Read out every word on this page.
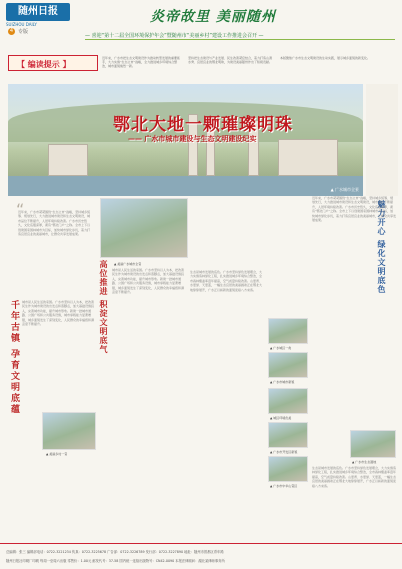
随州日报
SUIZHOU DAILY
4 专版
炎帝故里 美丽随州
— 喜迎“第十二届全国环境保护年会”暨随州市“美丽乡村”建设工作推进会召开 —
【 编读提示 】
近年来，广水市把生态文明建设作为推动转型发展的重要抓手，大力实施“生态立市”战略，全力推进城乡环境综合整治，城市面貌焕然一新。
坚持把生态建设与产业发展、民生改善紧密结合，着力打造山清水秀、宜居宜业的鄂北明珠，为建设美丽随州作出了积极贡献。
本版聚焦广水市生态文明建设的生动实践，展示城乡面貌的新变化。
鄂北大地一颗璀璨明珠
—— 广水市城市建设与生态文明建设纪实
▲ 广水城市全景
魅力开心 绿化文明底色
“
近年来，广水市紧紧围绕“生态立市”战略，坚持城乡统筹、规划先行，大力推进城市建设和生态文明建设，城市品位不断提升，人居环境持续改善。广水市历史悠久，文化底蕴深厚，素有“鄂北门户”之称。全市上下以创建国家园林城市为目标，加快城市绿化步伐，着力打造宜居宜业的美丽城市，让群众共享发展成果。
千年古镇 孕育文明底蕴	城市是人民生活的家园。广水市坚持以人为本，把改善民生作为城市建设的出发点和落脚点，加大基础设施投入，完善城市功能，提升城市形象。新建一批城市道路、公园广场和公共服务设施，城市承载能力显著增强，城乡面貌发生了深刻变化，人民群众的幸福感和满意度不断提升。
▲ 美丽广水城市全景
高位推进 积淀文明底气	城市是人民生活的家园。广水市坚持以人为本，把改善民生作为城市建设的出发点和落脚点，加大基础设施投入，完善城市功能，提升城市形象。新建一批城市道路、公园广场和公共服务设施，城市承载能力显著增强，城乡面貌发生了深刻变化，人民群众的幸福感和满意度不断提升。
▲ 美丽乡村一景
生态是城市发展的底色。广水市坚持绿色发展理念，大力实施造林绿化工程，扎实推进城乡环境综合整治，全市森林覆盖率逐年提高，空气质量持续改善。山更青、水更绿、天更蓝，一幅生态宜居的美丽画卷正在鄂北大地徐徐展开，广水正以崭新的面貌迎接八方来客。
▲ 广水城区一角
▲ 广水市城市新貌
▲ 城区环境优美
▲ 广水市开发区新貌
▲ 广水市中华山景区
近年来，广水市紧紧围绕“生态立市”战略，坚持城乡统筹、规划先行，大力推进城市建设和生态文明建设，城市品位不断提升，人居环境持续改善。广水市历史悠久，文化底蕴深厚，素有“鄂北门户”之称。全市上下以创建国家园林城市为目标，加快城市绿化步伐，着力打造宜居宜业的美丽城市，让群众共享发展成果。
▲ 广水市生态湿地
生态是城市发展的底色。广水市坚持绿色发展理念，大力实施造林绿化工程，扎实推进城乡环境综合整治，全市森林覆盖率逐年提高，空气质量持续改善。山更青、水更绿、天更蓝，一幅生态宜居的美丽画卷正在鄂北大地徐徐展开，广水正以崭新的面貌迎接八方来客。
总编辑：张三 编辑部电话：0722-3221234 传真：0722-3225678 广告部：0722-3226789 发行部：0722-3227890 地址：随州市曾都区青年路
随州日报社印刷厂印刷 每周一至周六出版 零售价：1.00元 邮发代号：37-58 国内统一连续出版物号：CN42-0090 本报法律顾问：湖北某律师事务所
